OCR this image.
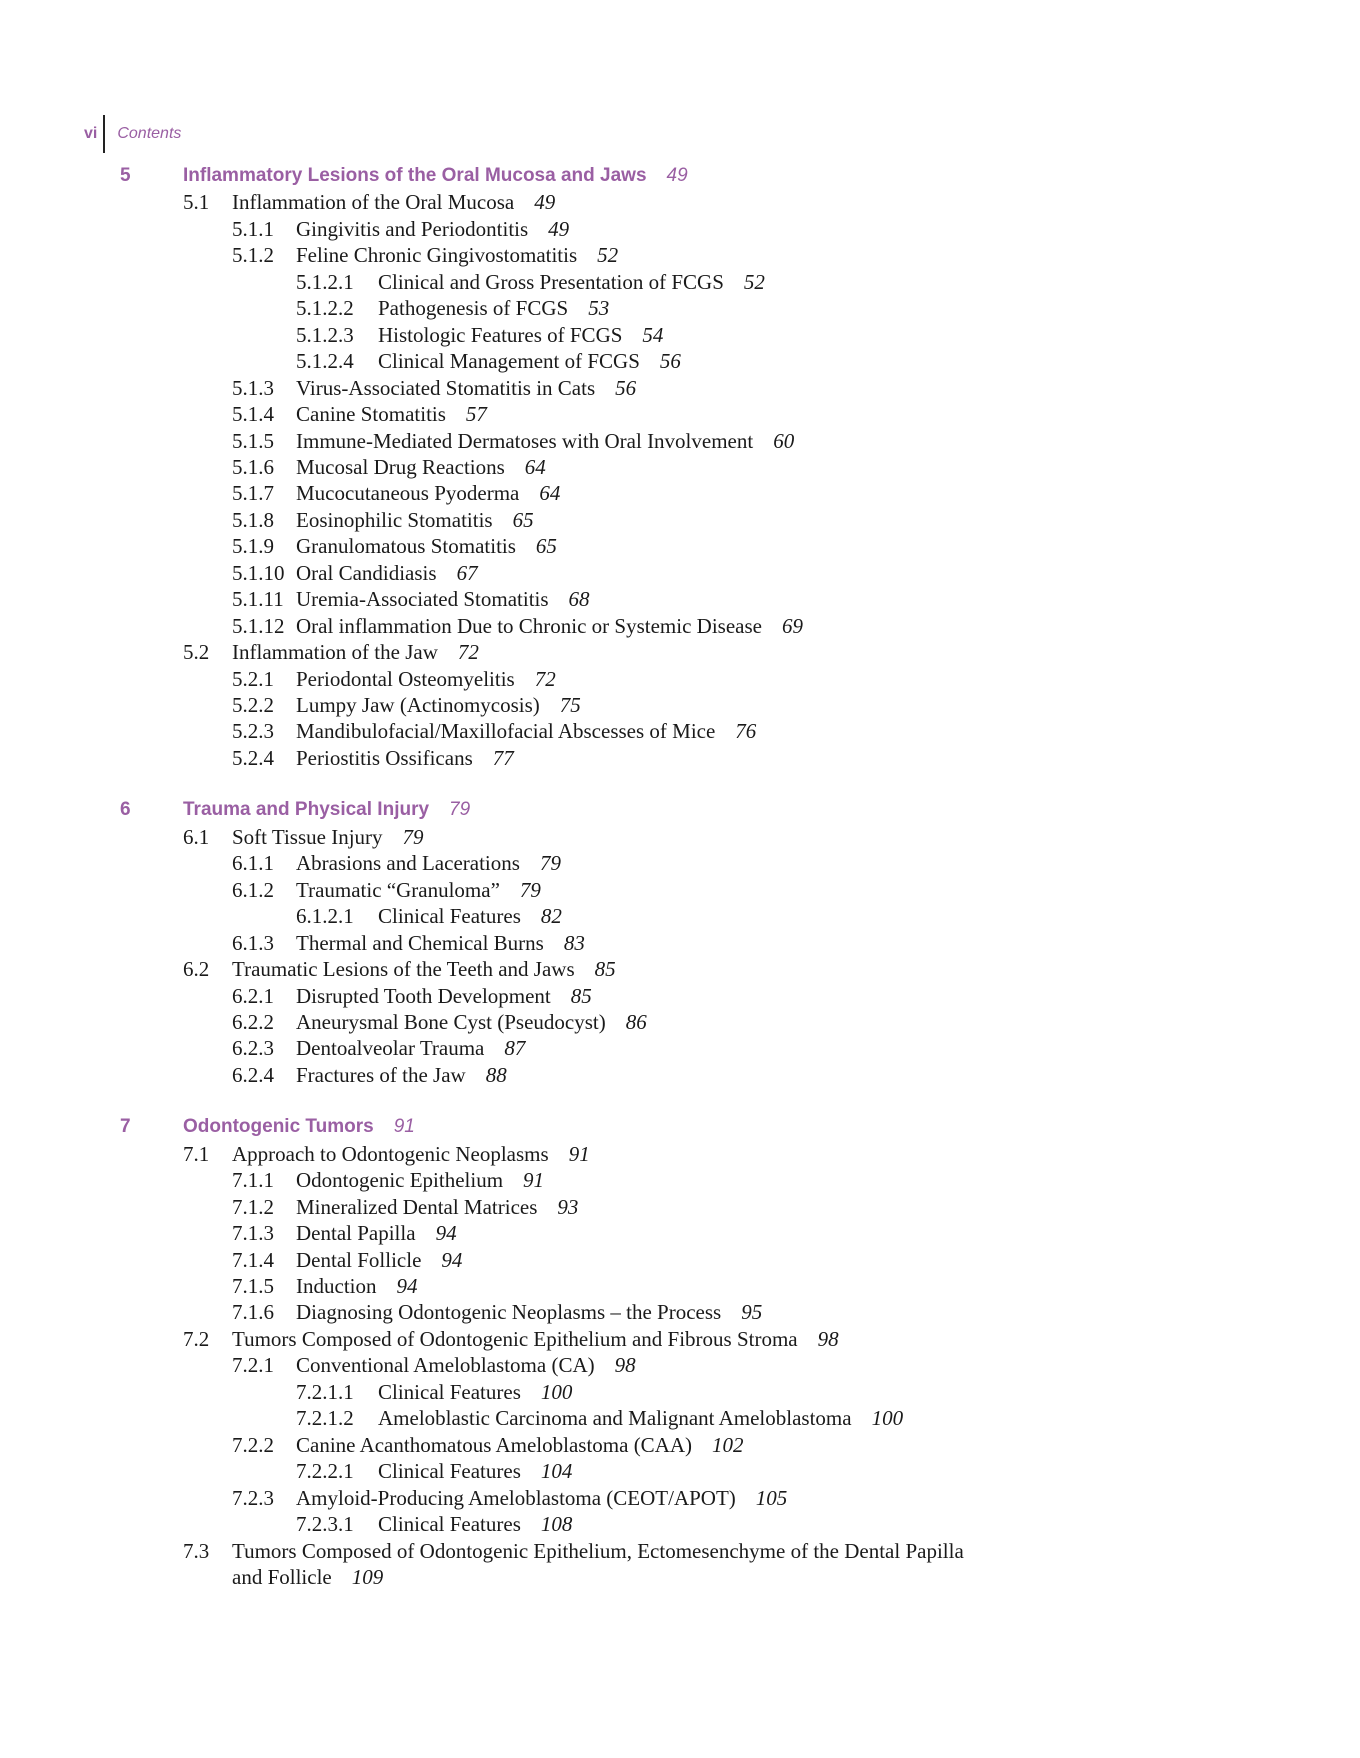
vi Contents
5	Inflammatory Lesions of the Oral Mucosa and Jaws 49
5.1 Inflammation of the Oral Mucosa 49
5.1.1 Gingivitis and Periodontitis 49
5.1.2 Feline Chronic Gingivostomatitis 52
5.1.2.1 Clinical and Gross Presentation of FCGS 52
5.1.2.2 Pathogenesis of FCGS 53
5.1.2.3 Histologic Features of FCGS 54
5.1.2.4 Clinical Management of FCGS 56
5.1.3 Virus-Associated Stomatitis in Cats 56
5.1.4 Canine Stomatitis 57
5.1.5 Immune-Mediated Dermatoses with Oral Involvement 60
5.1.6 Mucosal Drug Reactions 64
5.1.7 Mucocutaneous Pyoderma 64
5.1.8 Eosinophilic Stomatitis 65
5.1.9 Granulomatous Stomatitis 65
5.1.10 Oral Candidiasis 67
5.1.11 Uremia-Associated Stomatitis 68
5.1.12 Oral inflammation Due to Chronic or Systemic Disease 69
5.2 Inflammation of the Jaw 72
5.2.1 Periodontal Osteomyelitis 72
5.2.2 Lumpy Jaw (Actinomycosis) 75
5.2.3 Mandibulofacial/Maxillofacial Abscesses of Mice 76
5.2.4 Periostitis Ossificans 77
6	Trauma and Physical Injury 79
6.1 Soft Tissue Injury 79
6.1.1 Abrasions and Lacerations 79
6.1.2 Traumatic “Granuloma” 79
6.1.2.1 Clinical Features 82
6.1.3 Thermal and Chemical Burns 83
6.2 Traumatic Lesions of the Teeth and Jaws 85
6.2.1 Disrupted Tooth Development 85
6.2.2 Aneurysmal Bone Cyst (Pseudocyst) 86
6.2.3 Dentoalveolar Trauma 87
6.2.4 Fractures of the Jaw 88
7	Odontogenic Tumors 91
7.1 Approach to Odontogenic Neoplasms 91
7.1.1 Odontogenic Epithelium 91
7.1.2 Mineralized Dental Matrices 93
7.1.3 Dental Papilla 94
7.1.4 Dental Follicle 94
7.1.5 Induction 94
7.1.6 Diagnosing Odontogenic Neoplasms – the Process 95
7.2 Tumors Composed of Odontogenic Epithelium and Fibrous Stroma 98
7.2.1 Conventional Ameloblastoma (CA) 98
7.2.1.1 Clinical Features 100
7.2.1.2 Ameloblastic Carcinoma and Malignant Ameloblastoma 100
7.2.2 Canine Acanthomatous Ameloblastoma (CAA) 102
7.2.2.1 Clinical Features 104
7.2.3 Amyloid-Producing Ameloblastoma (CEOT/APOT) 105
7.2.3.1 Clinical Features 108
7.3 Tumors Composed of Odontogenic Epithelium, Ectomesenchyme of the Dental Papilla
and Follicle 109
